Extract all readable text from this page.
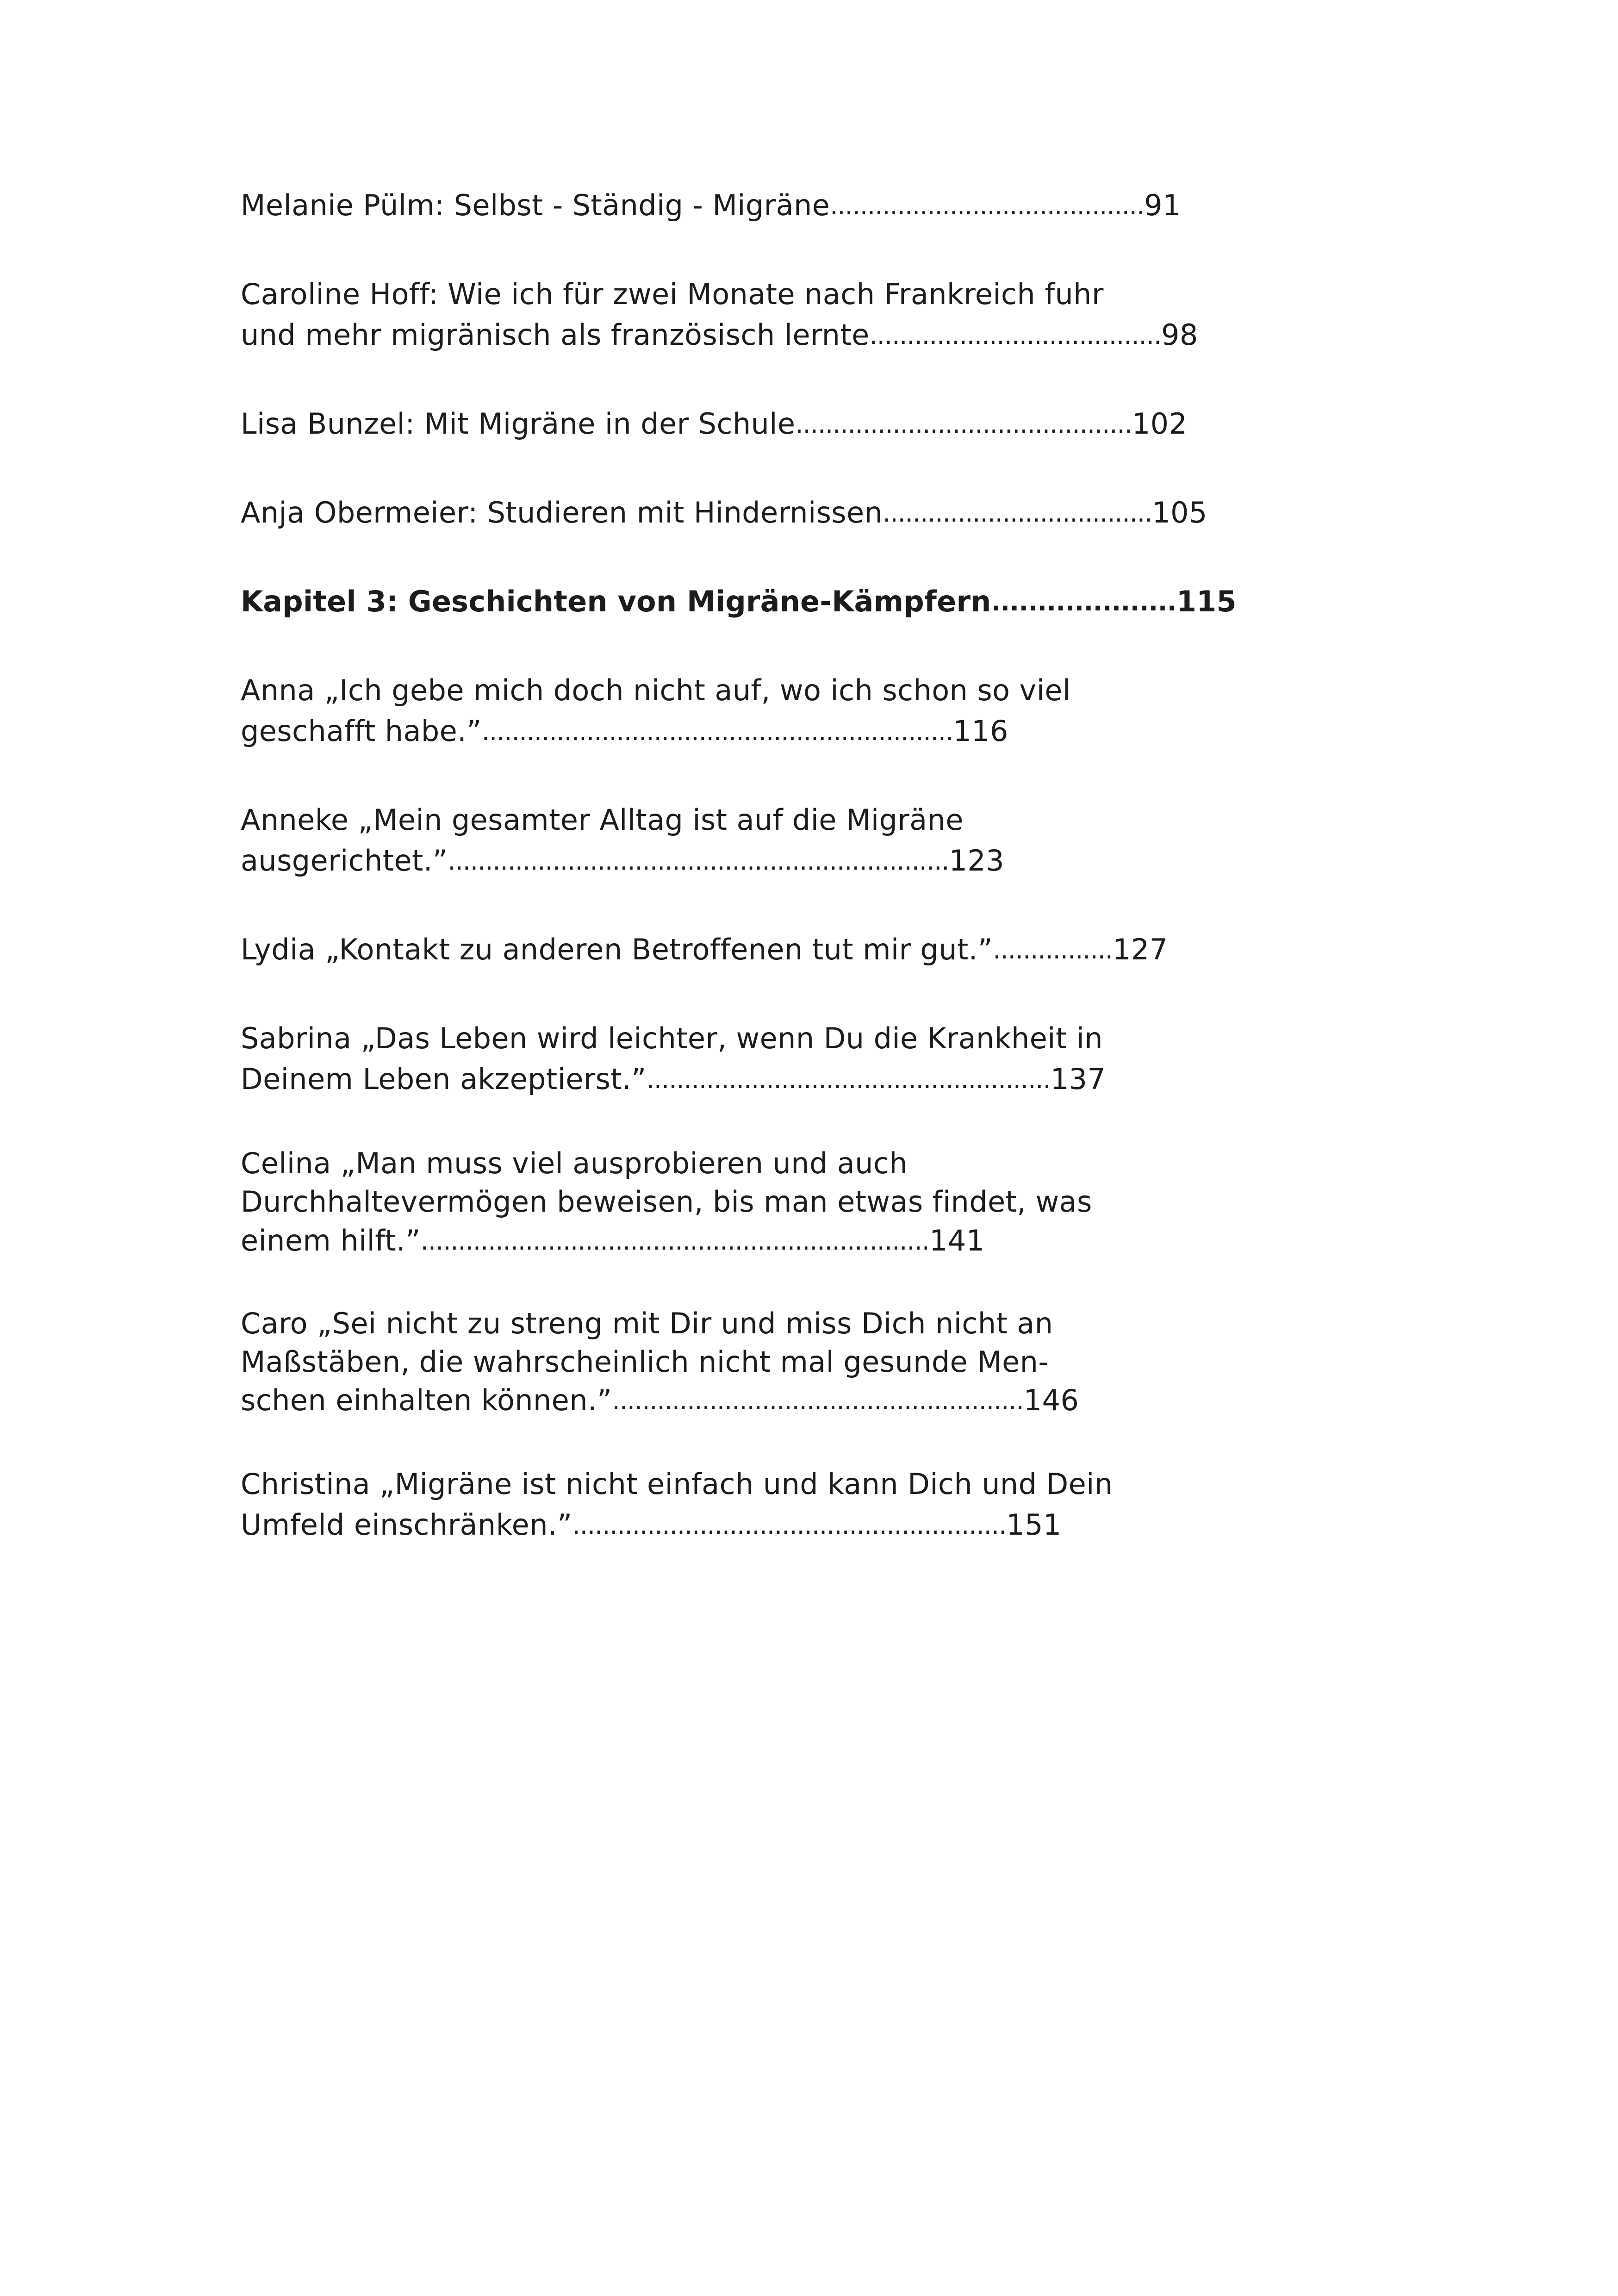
Melanie Pülm: Selbst - Ständig - Migräne..........................................91
Caroline Hoff: Wie ich für zwei Monate nach Frankreich fuhr
und mehr migränisch als französisch lernte.......................................98
Lisa Bunzel: Mit Migräne in der Schule.............................................102
Anja Obermeier: Studieren mit Hindernissen....................................105
Kapitel 3: Geschichten von Migräne-Kämpfern....................115
Anna „Ich gebe mich doch nicht auf, wo ich schon so viel
geschafft habe.”...............................................................116
Anneke „Mein gesamter Alltag ist auf die Migräne
ausgerichtet.”...................................................................123
Lydia „Kontakt zu anderen Betroffenen tut mir gut.”................127
Sabrina „Das Leben wird leichter, wenn Du die Krankheit in
Deinem Leben akzeptierst.”......................................................137
Celina „Man muss viel ausprobieren und auch
Durchhaltevermögen beweisen, bis man etwas findet, was
einem hilft.”....................................................................141
Caro „Sei nicht zu streng mit Dir und miss Dich nicht an
Maßstäben, die wahrscheinlich nicht mal gesunde Men-
schen einhalten können.”.......................................................146
Christina „Migräne ist nicht einfach und kann Dich und Dein
Umfeld einschränken.”..........................................................151
